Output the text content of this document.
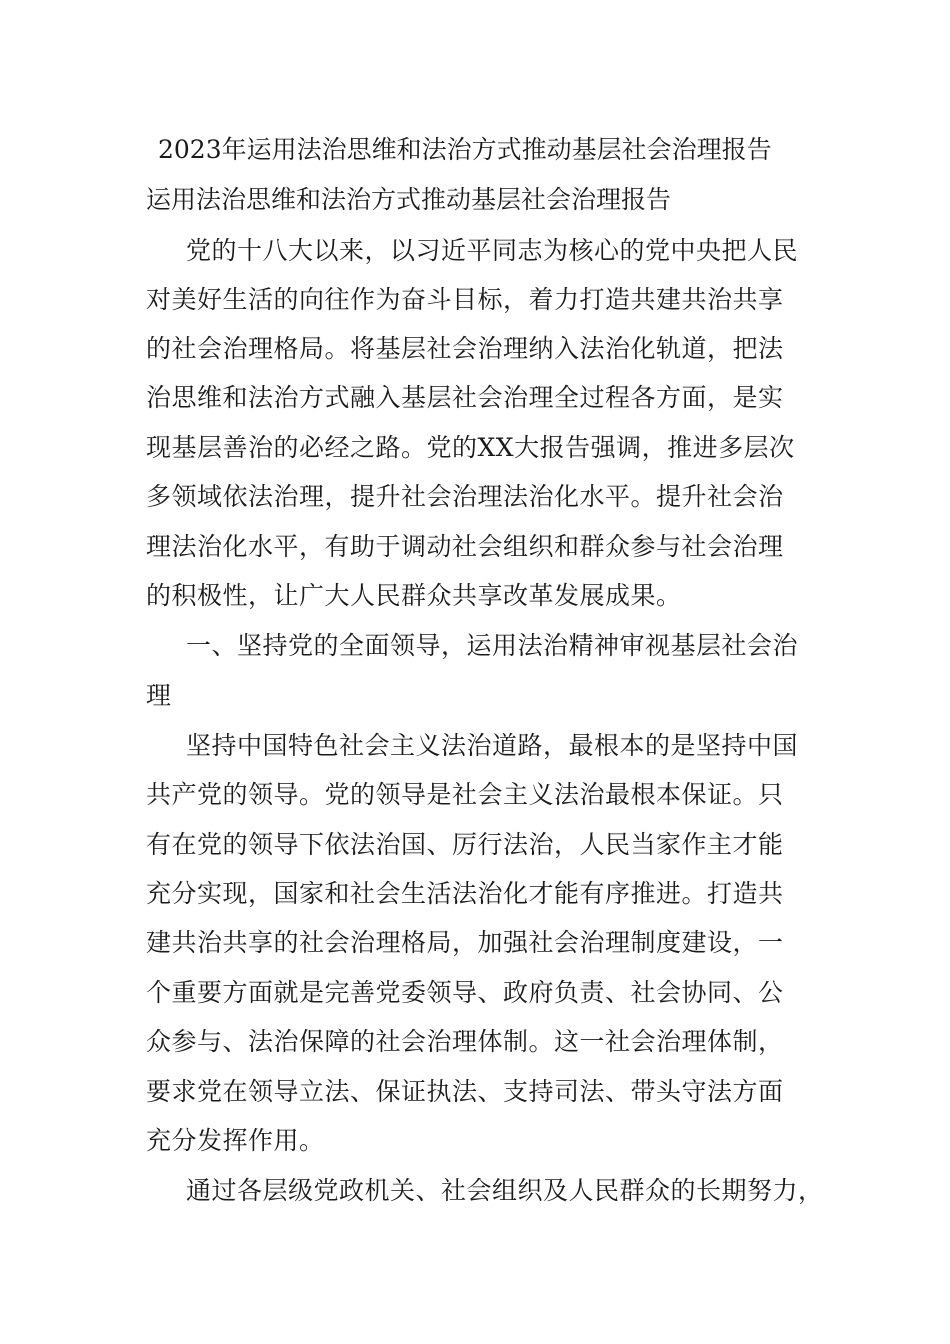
2023年运用法治思维和法治方式推动基层社会治理报告
运用法治思维和法治方式推动基层社会治理报告
党的十八大以来，以习近平同志为核心的党中央把人民
对美好生活的向往作为奋斗目标，着力打造共建共治共享
的社会治理格局。将基层社会治理纳入法治化轨道，把法
治思维和法治方式融入基层社会治理全过程各方面，是实
现基层善治的必经之路。党的XX大报告强调，推进多层次
多领域依法治理，提升社会治理法治化水平。提升社会治
理法治化水平，有助于调动社会组织和群众参与社会治理
的积极性，让广大人民群众共享改革发展成果。
一、坚持党的全面领导，运用法治精神审视基层社会治
理
坚持中国特色社会主义法治道路，最根本的是坚持中国
共产党的领导。党的领导是社会主义法治最根本保证。只
有在党的领导下依法治国、厉行法治，人民当家作主才能
充分实现，国家和社会生活法治化才能有序推进。打造共
建共治共享的社会治理格局，加强社会治理制度建设，一
个重要方面就是完善党委领导、政府负责、社会协同、公
众参与、法治保障的社会治理体制。这一社会治理体制，
要求党在领导立法、保证执法、支持司法、带头守法方面
充分发挥作用。
通过各层级党政机关、社会组织及人民群众的长期努力，
